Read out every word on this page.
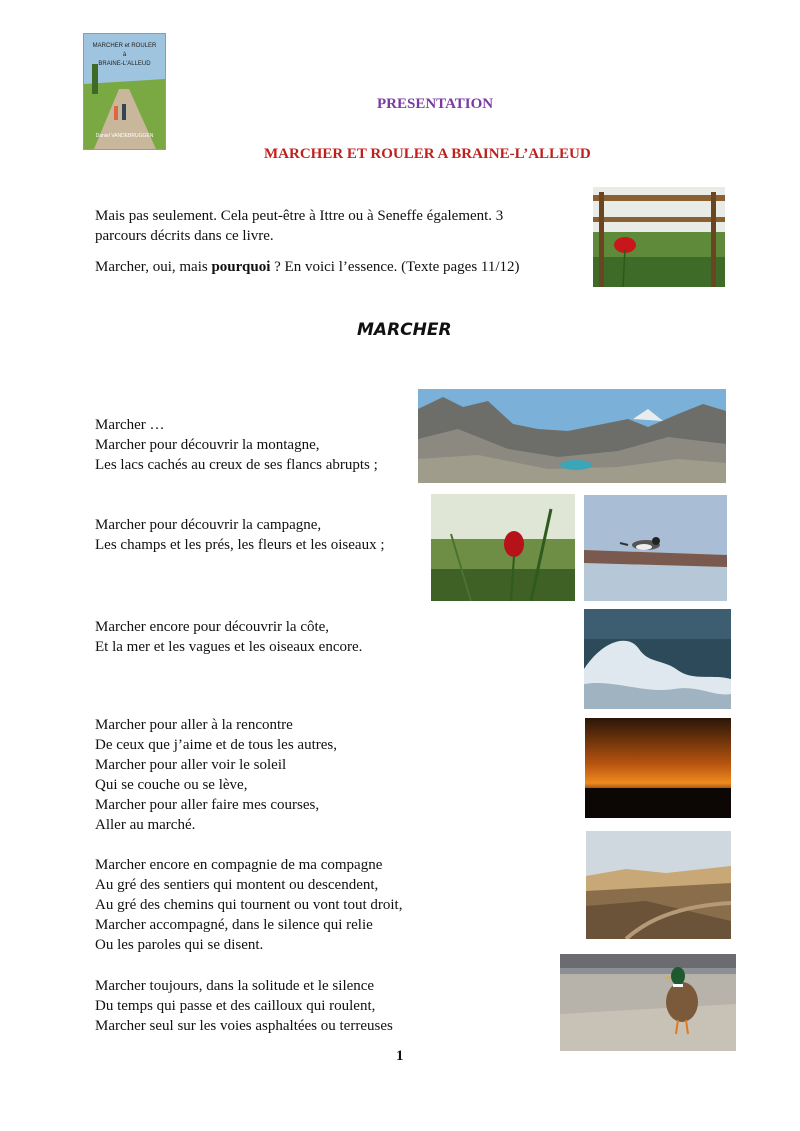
MARCHER et ROULER
à
BRAINE-L'ALLEUD
Daniel VANDEBRUGGEN
PRESENTATION
MARCHER ET ROULER A BRAINE-L’ALLEUD
Mais pas seulement. Cela peut-être à Ittre ou à Seneffe également. 3
parcours décrits dans ce livre.
Marcher, oui, mais pourquoi ? En voici l’essence. (Texte pages 11/12)
MARCHER
Marcher …
Marcher pour découvrir la montagne,
Les lacs cachés au creux de ses flancs abrupts ;
Marcher pour découvrir la campagne,
Les champs et les prés, les fleurs et les oiseaux ;
Marcher encore pour découvrir la côte,
Et la mer et les vagues et les oiseaux encore.
Marcher pour aller à la rencontre
De ceux que j’aime et de tous les autres,
Marcher pour aller voir le soleil
Qui se couche ou se lève,
Marcher pour aller faire mes courses,
Aller au marché.
Marcher encore en compagnie de ma compagne
Au gré des sentiers qui montent ou descendent,
Au gré des chemins qui tournent ou vont tout droit,
Marcher accompagné, dans le silence qui relie
Ou les paroles qui se disent.
Marcher toujours, dans la solitude et le silence
Du temps qui passe et des cailloux qui roulent,
Marcher seul sur les voies asphaltées ou terreuses
1
